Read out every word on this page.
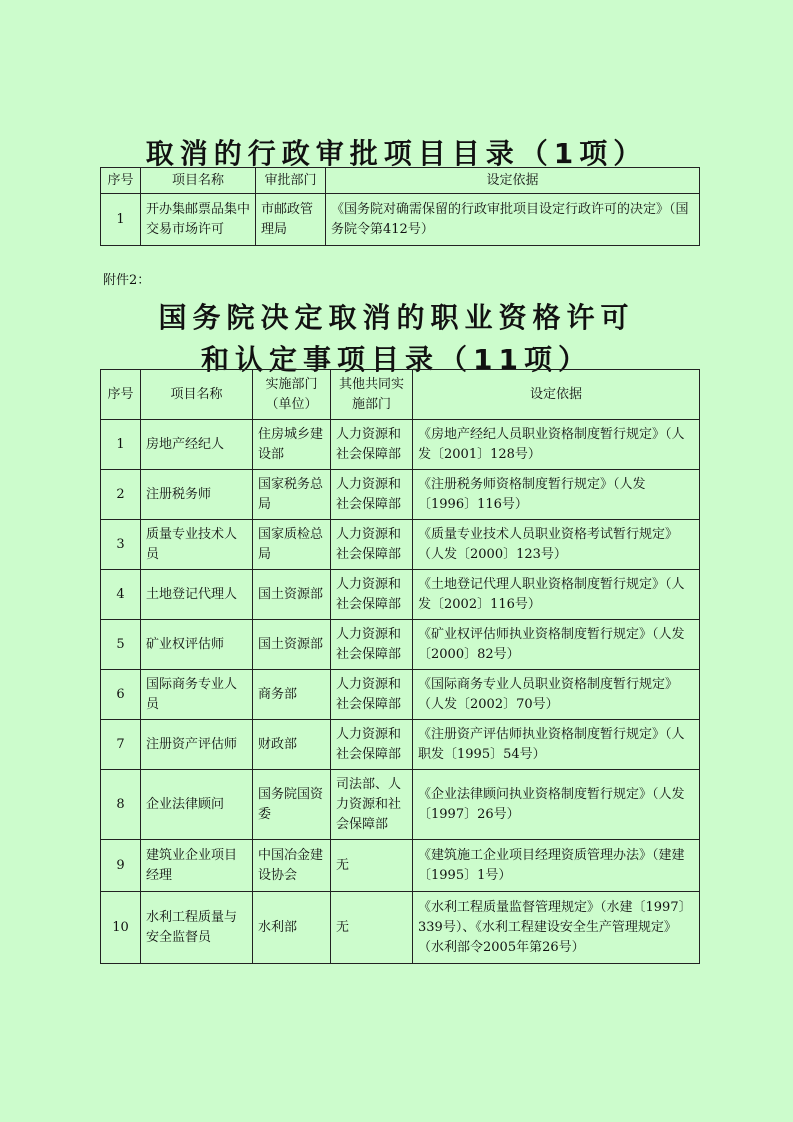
取消的行政审批项目目录（1项）
序号	项目名称	审批部门	设定依据
1	开办集邮票品集中交易市场许可	市邮政管理局	《国务院对确需保留的行政审批项目设定行政许可的决定》（国务院令第412号）
附件2：
国务院决定取消的职业资格许可
和认定事项目录（11项）
序号	项目名称	实施部门（单位）	其他共同实施部门	设定依据
1	房地产经纪人	住房城乡建设部	人力资源和社会保障部	《房地产经纪人员职业资格制度暂行规定》（人发〔2001〕128号）
2	注册税务师	国家税务总局	人力资源和社会保障部	《注册税务师资格制度暂行规定》（人发〔1996〕116号）
3	质量专业技术人员	国家质检总局	人力资源和社会保障部	《质量专业技术人员职业资格考试暂行规定》（人发〔2000〕123号）
4	土地登记代理人	国土资源部	人力资源和社会保障部	《土地登记代理人职业资格制度暂行规定》（人发〔2002〕116号）
5	矿业权评估师	国土资源部	人力资源和社会保障部	《矿业权评估师执业资格制度暂行规定》（人发〔2000〕82号）
6	国际商务专业人员	商务部	人力资源和社会保障部	《国际商务专业人员职业资格制度暂行规定》（人发〔2002〕70号）
7	注册资产评估师	财政部	人力资源和社会保障部	《注册资产评估师执业资格制度暂行规定》（人职发〔1995〕54号）
8	企业法律顾问	国务院国资委	司法部、人力资源和社会保障部	《企业法律顾问执业资格制度暂行规定》（人发〔1997〕26号）
9	建筑业企业项目经理	中国冶金建设协会	无	《建筑施工企业项目经理资质管理办法》（建建〔1995〕1号）
10	水利工程质量与安全监督员	水利部	无	《水利工程质量监督管理规定》（水建〔1997〕339号）、《水利工程建设安全生产管理规定》（水利部令2005年第26号）
